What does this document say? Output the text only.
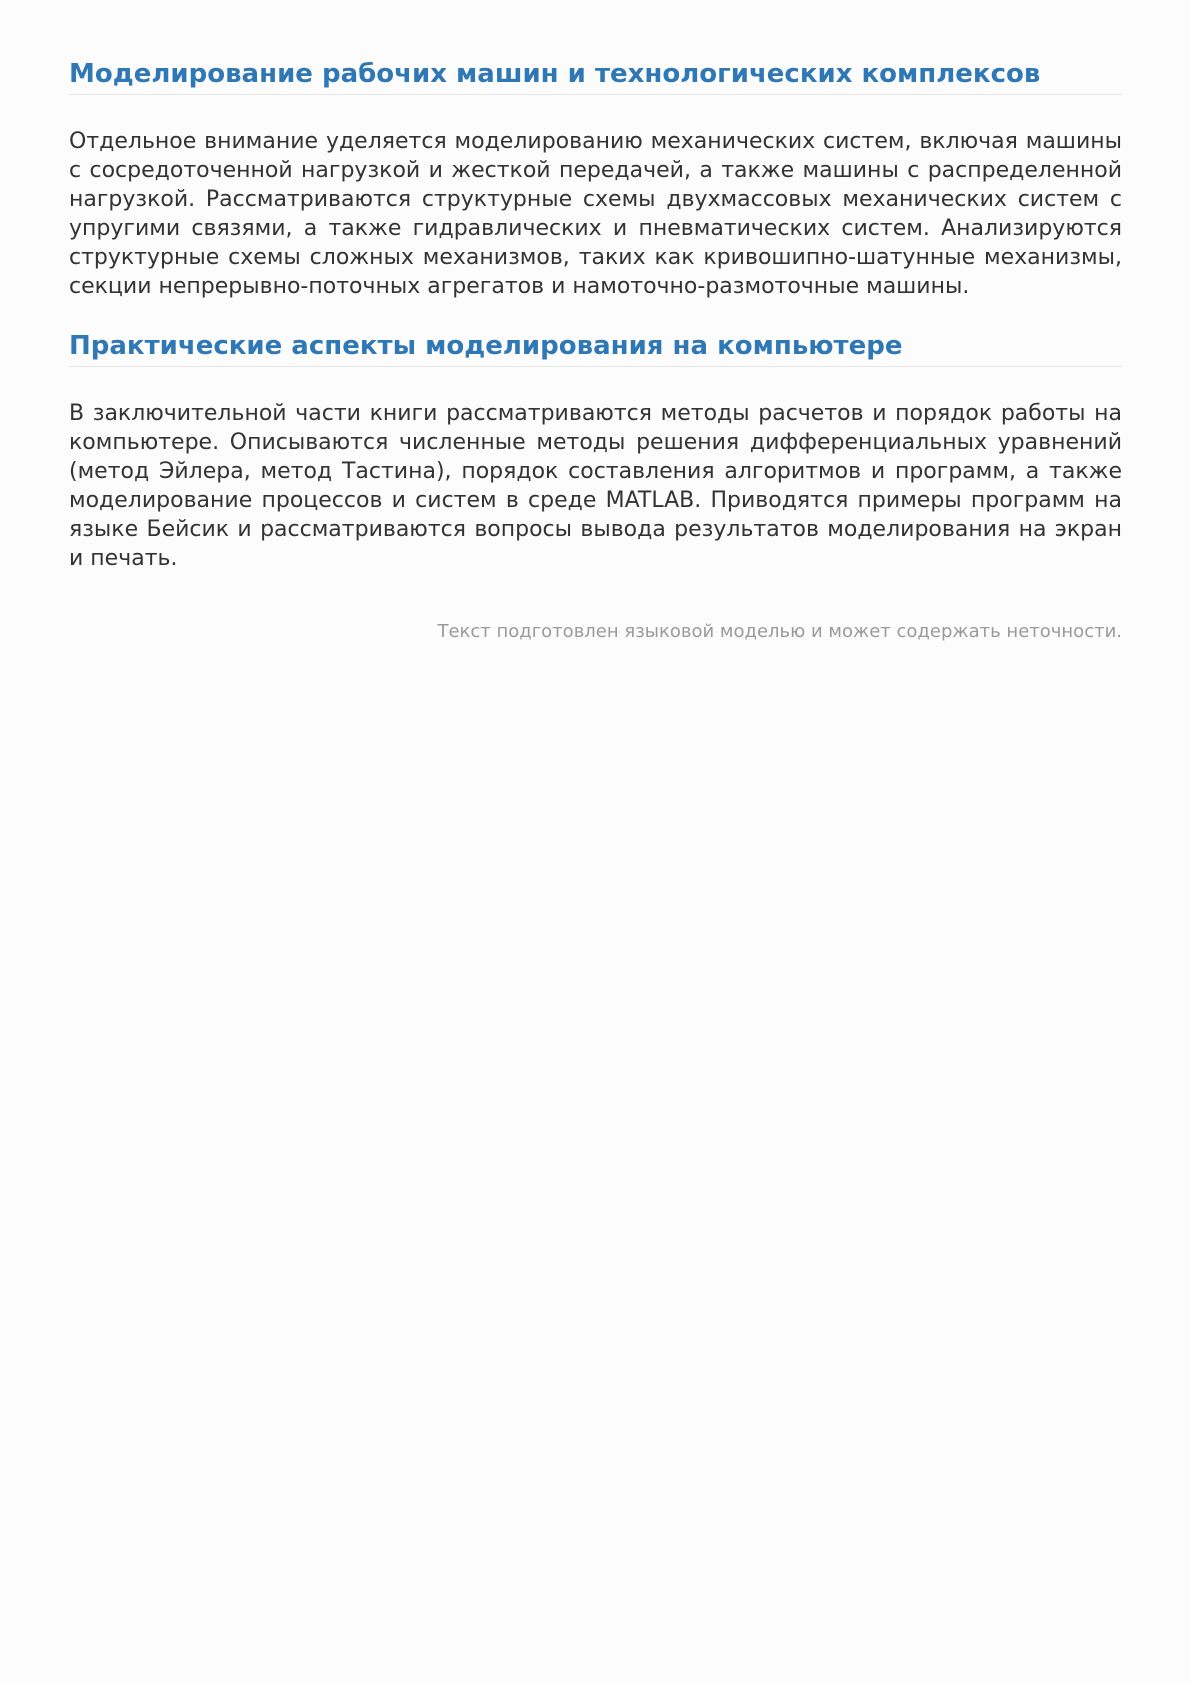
Моделирование рабочих машин и технологических комплексов

Отдельное внимание уделяется моделированию механических систем, включая машины с сосредоточенной нагрузкой и жесткой передачей, а также машины с распределенной нагрузкой. Рассматриваются структурные схемы двухмассовых механических систем с упругими связями, а также гидравлических и пневматических систем. Анализируются структурные схемы сложных механизмов, таких как кривошипно-шатунные механизмы, секции непрерывно-поточных агрегатов и намоточно-размоточные машины.

Практические аспекты моделирования на компьютере

В заключительной части книги рассматриваются методы расчетов и порядок работы на компьютере. Описываются численные методы решения дифференциальных уравнений (метод Эйлера, метод Тастина), порядок составления алгоритмов и программ, а также моделирование процессов и систем в среде MATLAB. Приводятся примеры программ на языке Бейсик и рассматриваются вопросы вывода результатов моделирования на экран и печать.

Текст подготовлен языковой моделью и может содержать неточности.
